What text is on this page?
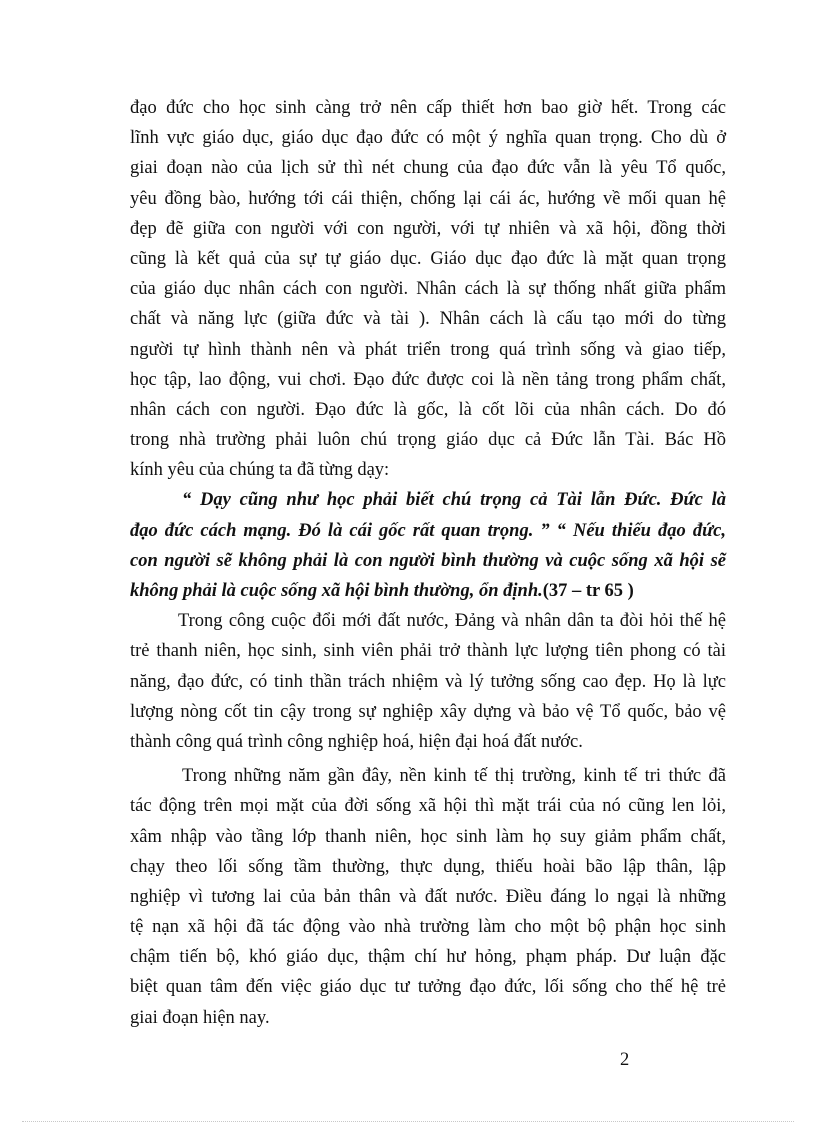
đạo đức cho học sinh càng trở nên cấp thiết hơn bao giờ hết. Trong các
lĩnh vực giáo dục, giáo dục đạo đức có một ý nghĩa quan trọng. Cho dù ở
giai đoạn nào của lịch sử thì nét chung của đạo đức vẫn là yêu Tổ quốc,
yêu đồng bào, hướng tới cái thiện, chống lại cái ác, hướng về mối quan hệ
đẹp đẽ giữa con người với con người, với tự nhiên và xã hội, đồng thời
cũng là kết quả của sự tự giáo dục. Giáo dục đạo đức là mặt quan trọng
của giáo dục nhân cách con người. Nhân cách là sự thống nhất giữa phẩm
chất và năng lực (giữa đức và tài ). Nhân cách là cấu tạo mới do từng
người tự hình thành nên và phát triển trong quá trình sống và giao tiếp,
học tập, lao động, vui chơi. Đạo đức được coi là nền tảng trong phẩm chất,
nhân cách con người. Đạo đức là gốc, là cốt lõi của nhân cách. Do đó
trong nhà trường phải luôn chú trọng giáo dục cả Đức lẫn Tài. Bác Hồ
kính yêu của chúng ta đã từng dạy:
“ Dạy cũng như học phải biết chú trọng cả Tài lẫn Đức. Đức là
đạo đức cách mạng. Đó là cái gốc rất quan trọng. ” “ Nếu thiếu đạo đức,
con người sẽ không phải là con người bình thường và cuộc sống xã hội sẽ
không phải là cuộc sống xã hội bình thường, ổn định.(37 – tr 65 )
Trong công cuộc đổi mới đất nước, Đảng và nhân dân ta đòi hỏi thế hệ
trẻ thanh niên, học sinh, sinh viên phải trở thành lực lượng tiên phong có tài
năng, đạo đức, có tinh thần trách nhiệm và lý tưởng sống cao đẹp. Họ là lực
lượng nòng cốt tin cậy trong sự nghiệp xây dựng và bảo vệ Tổ quốc, bảo vệ
thành công quá trình công nghiệp hoá, hiện đại hoá đất nước.
Trong những năm gần đây, nền kinh tế thị trường, kinh tế tri thức đã
tác động trên mọi mặt của đời sống xã hội thì mặt trái của nó cũng len lỏi,
xâm nhập vào tầng lớp thanh niên, học sinh làm họ suy giảm phẩm chất,
chạy theo lối sống tầm thường, thực dụng, thiếu hoài bão lập thân, lập
nghiệp vì tương lai của bản thân và đất nước. Điều đáng lo ngại là những
tệ nạn xã hội đã tác động vào nhà trường làm cho một bộ phận học sinh
chậm tiến bộ, khó giáo dục, thậm chí hư hỏng, phạm pháp. Dư luận đặc
biệt quan tâm đến việc giáo dục tư tưởng đạo đức, lối sống cho thế hệ trẻ
giai đoạn hiện nay.
2
